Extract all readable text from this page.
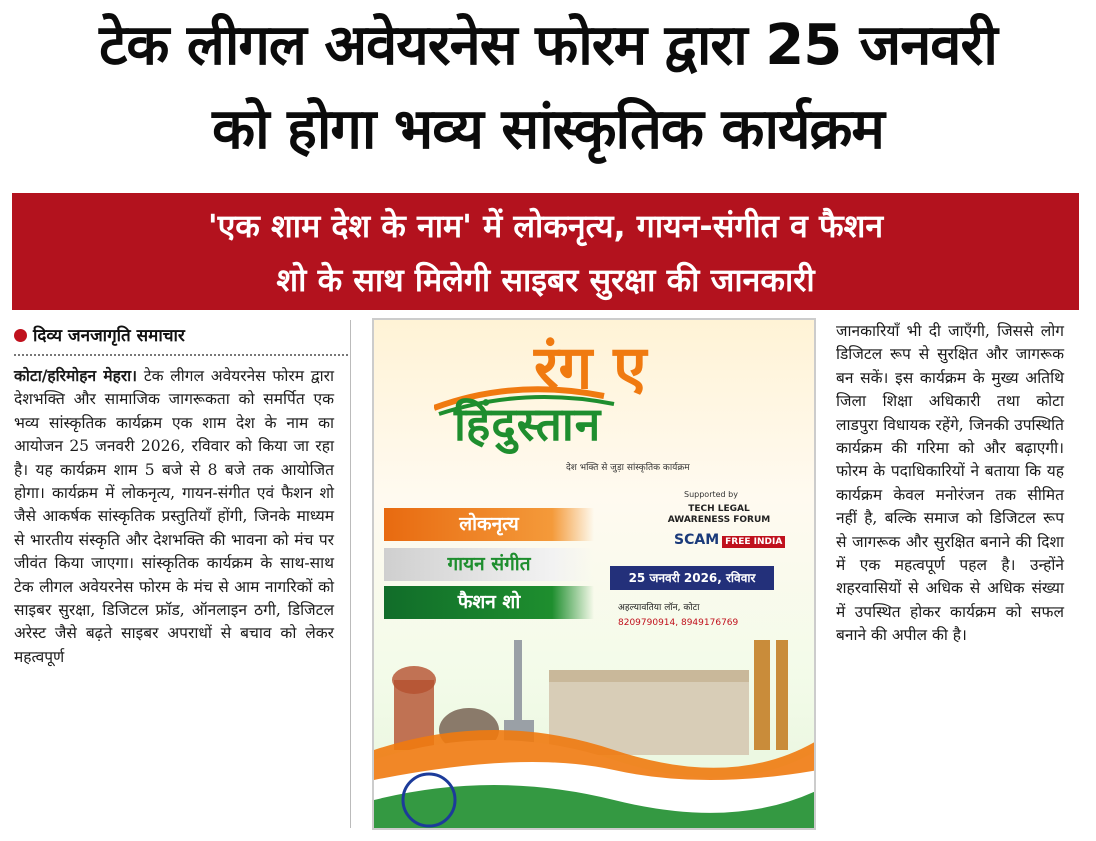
टेक लीगल अवेयरनेस फोरम द्वारा 25 जनवरी
को होगा भव्य सांस्कृतिक कार्यक्रम
'एक शाम देश के नाम' में लोकनृत्य, गायन-संगीत व फैशन
शो के साथ मिलेगी साइबर सुरक्षा की जानकारी
दिव्य जनजागृति समाचार

कोटा/हरिमोहन मेहरा। टेक लीगल अवेयरनेस फोरम द्वारा देशभक्ति और सामाजिक जागरूकता को समर्पित एक भव्य सांस्कृतिक कार्यक्रम एक शाम देश के नाम का आयोजन 25 जनवरी 2026, रविवार को किया जा रहा है। यह कार्यक्रम शाम 5 बजे से 8 बजे तक आयोजित होगा। कार्यक्रम में लोकनृत्य, गायन-संगीत एवं फैशन शो जैसे आकर्षक सांस्कृतिक प्रस्तुतियाँ होंगी, जिनके माध्यम से भारतीय संस्कृति और देशभक्ति की भावना को मंच पर जीवंत किया जाएगा। सांस्कृतिक कार्यक्रम के साथ-साथ टेक लीगल अवेयरनेस फोरम के मंच से आम नागरिकों को साइबर सुरक्षा, डिजिटल फ्रॉड, ऑनलाइन ठगी, डिजिटल अरेस्ट जैसे बढ़ते साइबर अपराधों से बचाव को लेकर महत्वपूर्ण

रंग ए
हिंदुस्तान
देश भक्ति से जुड़ा सांस्कृतिक कार्यक्रम
लोकनृत्य
गायन संगीत
फैशन शो
Supported by
TECH LEGAL AWARENESS FORUM
SCAM FREE INDIA
25 जनवरी 2026, रविवार
अहल्यावतिया लॉन, कोटा
8209790914, 8949176769

जानकारियाँ भी दी जाएँगी, जिससे लोग डिजिटल रूप से सुरक्षित और जागरूक बन सकें। इस कार्यक्रम के मुख्य अतिथि जिला शिक्षा अधिकारी तथा कोटा लाडपुरा विधायक रहेंगे, जिनकी उपस्थिति कार्यक्रम की गरिमा को और बढ़ाएगी। फोरम के पदाधिकारियों ने बताया कि यह कार्यक्रम केवल मनोरंजन तक सीमित नहीं है, बल्कि समाज को डिजिटल रूप से जागरूक और सुरक्षित बनाने की दिशा में एक महत्वपूर्ण पहल है। उन्होंने शहरवासियों से अधिक से अधिक संख्या में उपस्थित होकर कार्यक्रम को सफल बनाने की अपील की है।
